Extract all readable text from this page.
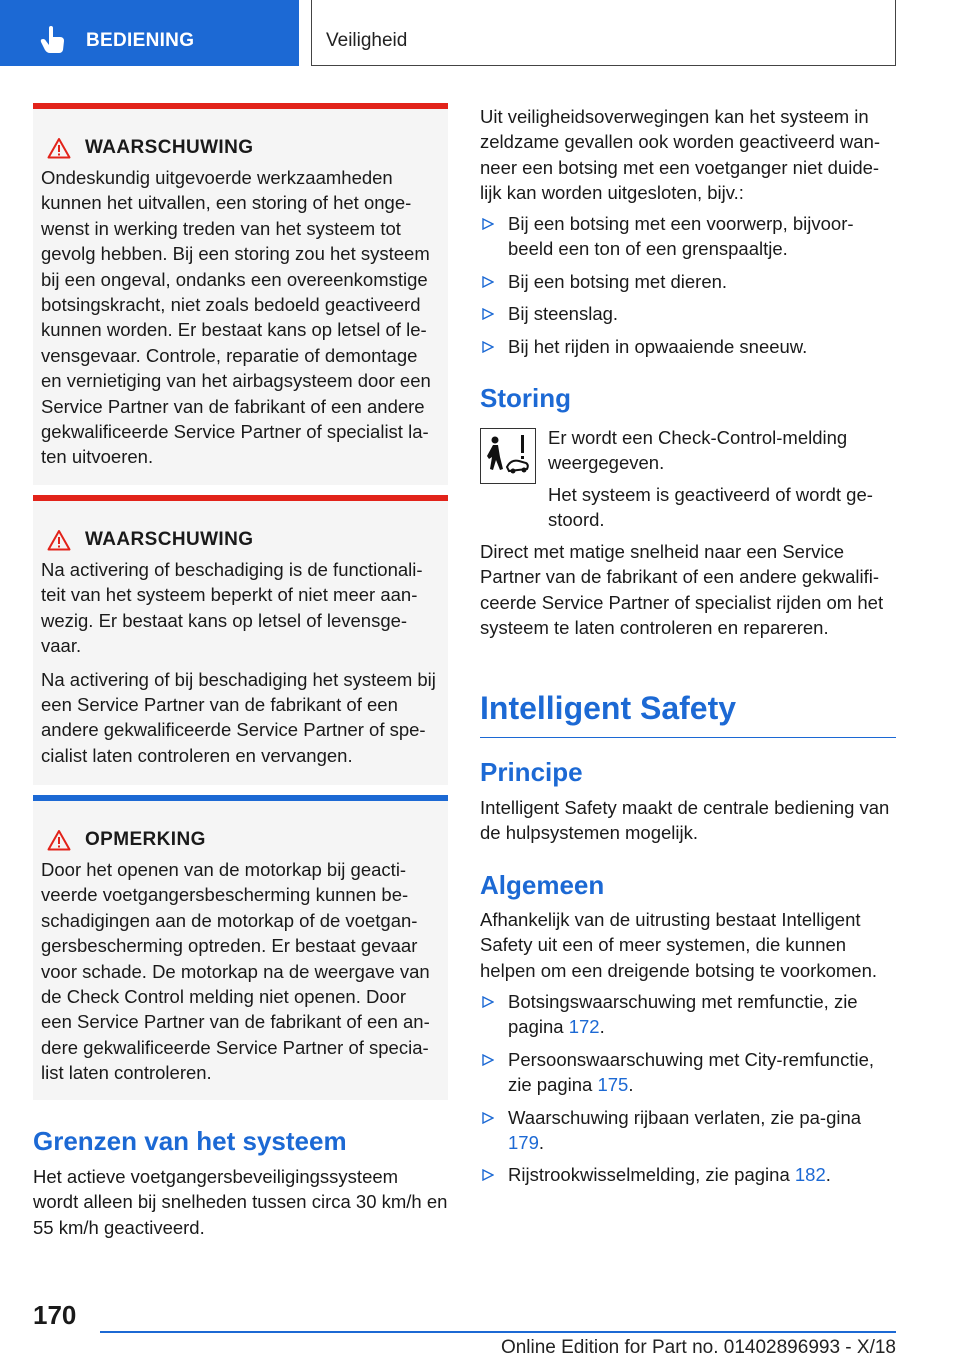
BEDIENING	Veiligheid
WAARSCHUWING

Ondeskundig uitgevoerde werkzaamheden kunnen het uitvallen, een storing of het onge-wenst in werking treden van het systeem tot gevolg hebben. Bij een storing zou het systeem bij een ongeval, ondanks een overeenkomstige botsingskracht, niet zoals bedoeld geactiveerd kunnen worden. Er bestaat kans op letsel of le-vensgevaar. Controle, reparatie of demontage en vernietiging van het airbagsysteem door een Service Partner van de fabrikant of een andere gekwalificeerde Service Partner of specialist la-ten uitvoeren.

WAARSCHUWING

Na activering of beschadiging is de functionali-teit van het systeem beperkt of niet meer aan-wezig. Er bestaat kans op letsel of levensge-vaar.

Na activering of bij beschadiging het systeem bij een Service Partner van de fabrikant of een andere gekwalificeerde Service Partner of spe-cialist laten controleren en vervangen.

OPMERKING

Door het openen van de motorkap bij geacti-veerde voetgangersbescherming kunnen be-schadigingen aan de motorkap of de voetgan-gersbescherming optreden. Er bestaat gevaar voor schade. De motorkap na de weergave van de Check Control melding niet openen. Door een Service Partner van de fabrikant of een an-dere gekwalificeerde Service Partner of specia-list laten controleren.

Grenzen van het systeem
Het actieve voetgangersbeveiligingssysteem wordt alleen bij snelheden tussen circa 30 km/h en 55 km/h geactiveerd.
Uit veiligheidsoverwegingen kan het systeem in zeldzame gevallen ook worden geactiveerd wan-neer een botsing met een voetganger niet duide-lijk kan worden uitgesloten, bijv.:
Bij een botsing met een voorwerp, bijvoor-beeld een ton of een grenspaaltje.
Bij een botsing met dieren.
Bij steenslag.
Bij het rijden in opwaaiende sneeuw.
Storing
Er wordt een Check-Control-melding weergegeven.
Het systeem is geactiveerd of wordt ge-stoord.
Direct met matige snelheid naar een Service Partner van de fabrikant of een andere gekwalifi-ceerde Service Partner of specialist rijden om het systeem te laten controleren en repareren.
Intelligent Safety
Principe
Intelligent Safety maakt de centrale bediening van de hulpsystemen mogelijk.
Algemeen
Afhankelijk van de uitrusting bestaat Intelligent Safety uit een of meer systemen, die kunnen helpen om een dreigende botsing te voorkomen.
Botsingswaarschuwing met remfunctie, zie pagina 172.
Persoonswaarschuwing met City-remfunctie, zie pagina 175.
Waarschuwing rijbaan verlaten, zie pa-gina 179.
Rijstrookwisselmelding, zie pagina 182.
170
Online Edition for Part no. 01402896993 - X/18
